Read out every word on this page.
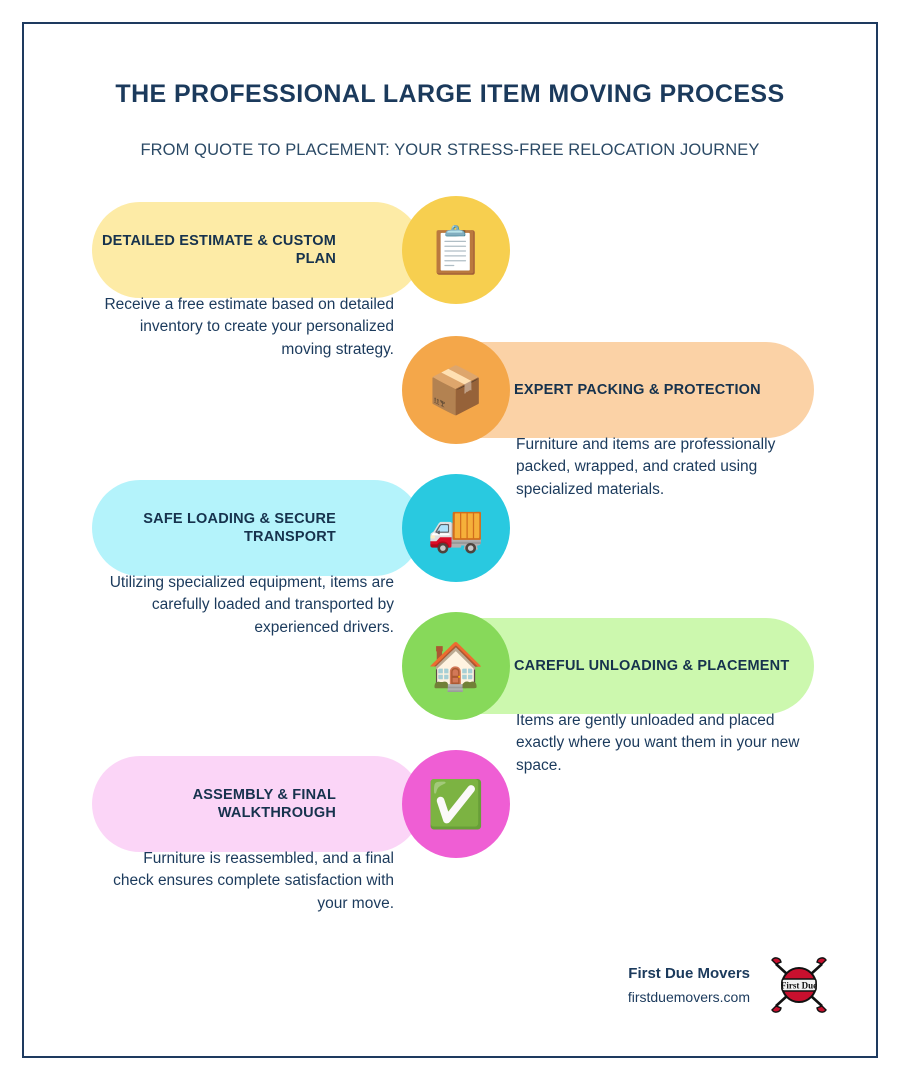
THE PROFESSIONAL LARGE ITEM MOVING PROCESS

FROM QUOTE TO PLACEMENT: YOUR STRESS-FREE RELOCATION JOURNEY

DETAILED ESTIMATE & CUSTOM PLAN 📋
Receive a free estimate based on detailed inventory to create your personalized moving strategy.
EXPERT PACKING & PROTECTION
📦
Furniture and items are professionally packed, wrapped, and crated using specialized materials.
SAFE LOADING & SECURE TRANSPORT 🚚
Utilizing specialized equipment, items are carefully loaded and transported by experienced drivers.
CAREFUL UNLOADING & PLACEMENT
🏠
Items are gently unloaded and placed exactly where you want them in your new space.
ASSEMBLY & FINAL WALKTHROUGH ✅
Furniture is reassembled, and a final check ensures complete satisfaction with your move.
First Due Movers
firstduemovers.com
First Due
